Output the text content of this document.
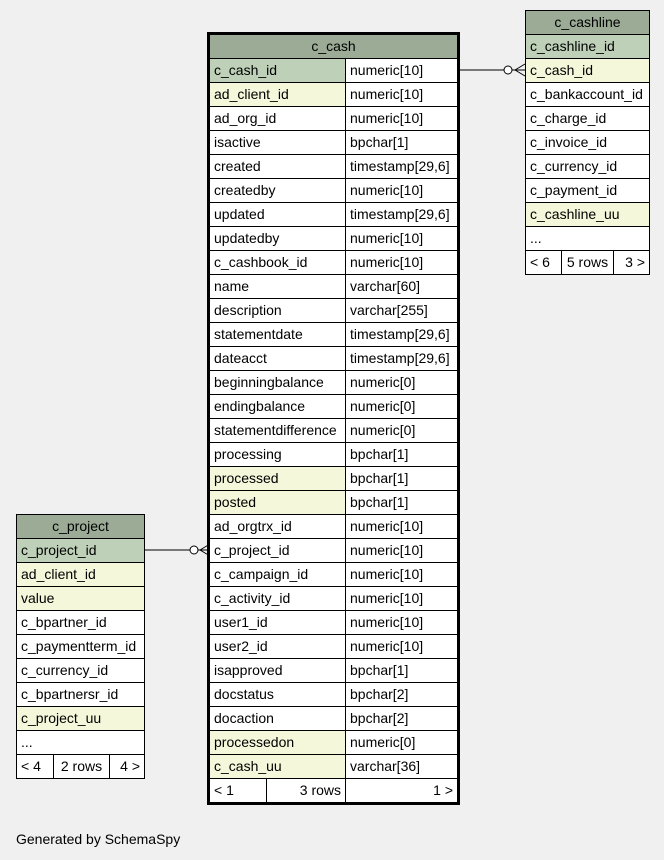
c_cash
c_cash_id	numeric[10]
ad_client_id	numeric[10]
ad_org_id	numeric[10]
isactive	bpchar[1]
created	timestamp[29,6]
createdby	numeric[10]
updated	timestamp[29,6]
updatedby	numeric[10]
c_cashbook_id	numeric[10]
name	varchar[60]
description	varchar[255]
statementdate	timestamp[29,6]
dateacct	timestamp[29,6]
beginningbalance	numeric[0]
endingbalance	numeric[0]
statementdifference	numeric[0]
processing	bpchar[1]
processed	bpchar[1]
posted	bpchar[1]
ad_orgtrx_id	numeric[10]
c_project_id	numeric[10]
c_campaign_id	numeric[10]
c_activity_id	numeric[10]
user1_id	numeric[10]
user2_id	numeric[10]
isapproved	bpchar[1]
docstatus	bpchar[2]
docaction	bpchar[2]
processedon	numeric[0]
c_cash_uu	varchar[36]

< 1	3 rows	1 >
c_cashline
c_cashline_id
c_cash_id
c_bankaccount_id
c_charge_id
c_invoice_id
c_currency_id
c_payment_id
c_cashline_uu
...
< 6	5 rows	3 >
c_project
c_project_id
ad_client_id
value
c_bpartner_id
c_paymentterm_id
c_currency_id
c_bpartnersr_id
c_project_uu
...
< 4	2 rows	4 >
Generated by SchemaSpy
